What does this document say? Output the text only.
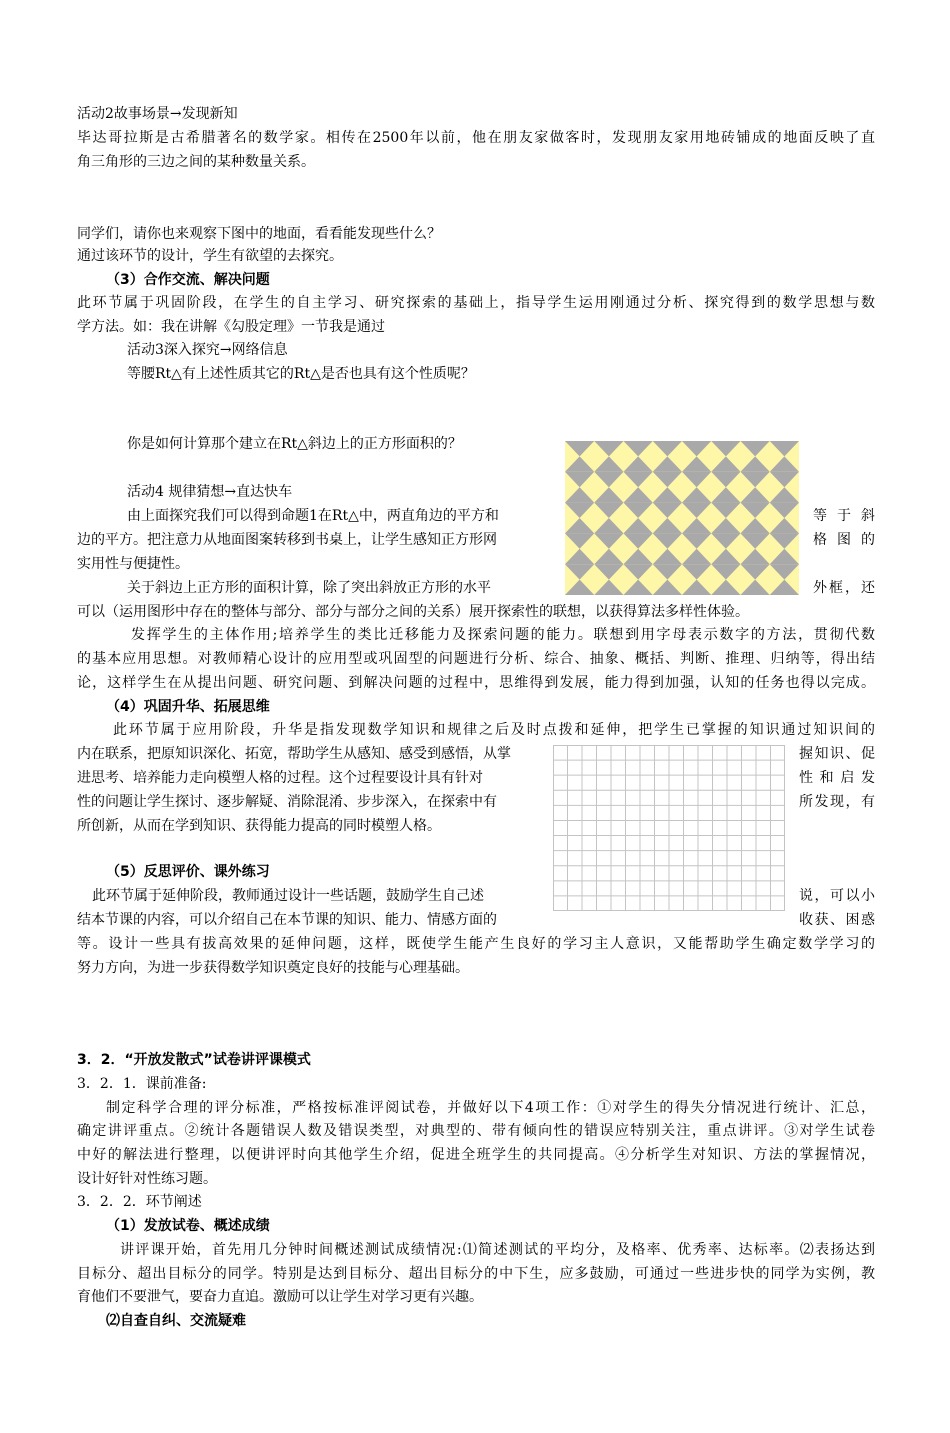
活动2故事场景→发现新知
毕达哥拉斯是古希腊著名的数学家。相传在2500年以前，他在朋友家做客时，发现朋友家用地砖铺成的地面反映了直
角三角形的三边之间的某种数量关系。
同学们，请你也来观察下图中的地面，看看能发现些什么？
通过该环节的设计，学生有欲望的去探究。
（3）合作交流、解决问题
此环节属于巩固阶段，在学生的自主学习、研究探索的基础上，指导学生运用刚通过分析、探究得到的数学思想与数
学方法。如：我在讲解《勾股定理》一节我是通过
活动3深入探究→网络信息
等腰Rt△有上述性质其它的Rt△是否也具有这个性质呢？
你是如何计算那个建立在Rt△斜边上的正方形面积的？
活动4 规律猜想→直达快车
由上面探究我们可以得到命题1在Rt△中，两直角边的平方和	等于斜
边的平方。把注意力从地面图案转移到书桌上，让学生感知正方形网	格图的
实用性与便捷性。
关于斜边上正方形的面积计算，除了突出斜放正方形的水平	外框，还
可以（运用图形中存在的整体与部分、部分与部分之间的关系）展开探索性的联想，以获得算法多样性体验。
发挥学生的主体作用;培养学生的类比迁移能力及探索问题的能力。联想到用字母表示数字的方法，贯彻代数
的基本应用思想。对教师精心设计的应用型或巩固型的问题进行分析、综合、抽象、概括、判断、推理、归纳等，得出结
论，这样学生在从提出问题、研究问题、到解决问题的过程中，思维得到发展，能力得到加强，认知的任务也得以完成。
（4）巩固升华、拓展思维
此环节属于应用阶段，升华是指发现数学知识和规律之后及时点拨和延伸，把学生已掌握的知识通过知识间的
内在联系，把原知识深化、拓宽，帮助学生从感知、感受到感悟，从掌	握知识、促
进思考、培养能力走向模塑人格的过程。这个过程要设计具有针对	性和启发
性的问题让学生探讨、逐步解疑、消除混淆、步步深入，在探索中有	所发现，有
所创新，从而在学到知识、获得能力提高的同时模塑人格。
（5）反思评价、课外练习
此环节属于延伸阶段，教师通过设计一些话题，鼓励学生自己述	说，可以小
结本节课的内容，可以介绍自己在本节课的知识、能力、情感方面的	收获、困惑
等。设计一些具有拔高效果的延伸问题，这样，既使学生能产生良好的学习主人意识，又能帮助学生确定数学学习的
努力方向，为进一步获得数学知识奠定良好的技能与心理基础。
3．2．“开放发散式”试卷讲评课模式
3．2．1．课前准备:
制定科学合理的评分标准，严格按标准评阅试卷，并做好以下4项工作：①对学生的得失分情况进行统计、汇总，
确定讲评重点。②统计各题错误人数及错误类型，对典型的、带有倾向性的错误应特别关注，重点讲评。③对学生试卷
中好的解法进行整理，以便讲评时向其他学生介绍，促进全班学生的共同提高。④分析学生对知识、方法的掌握情况，
设计好针对性练习题。
3．2．2．环节阐述
（1）发放试卷、概述成绩
讲评课开始，首先用几分钟时间概述测试成绩情况:⑴简述测试的平均分，及格率、优秀率、达标率。⑵表扬达到
目标分、超出目标分的同学。特别是达到目标分、超出目标分的中下生，应多鼓励，可通过一些进步快的同学为实例，教
育他们不要泄气，要奋力直追。激励可以让学生对学习更有兴趣。
⑵自查自纠、交流疑难
